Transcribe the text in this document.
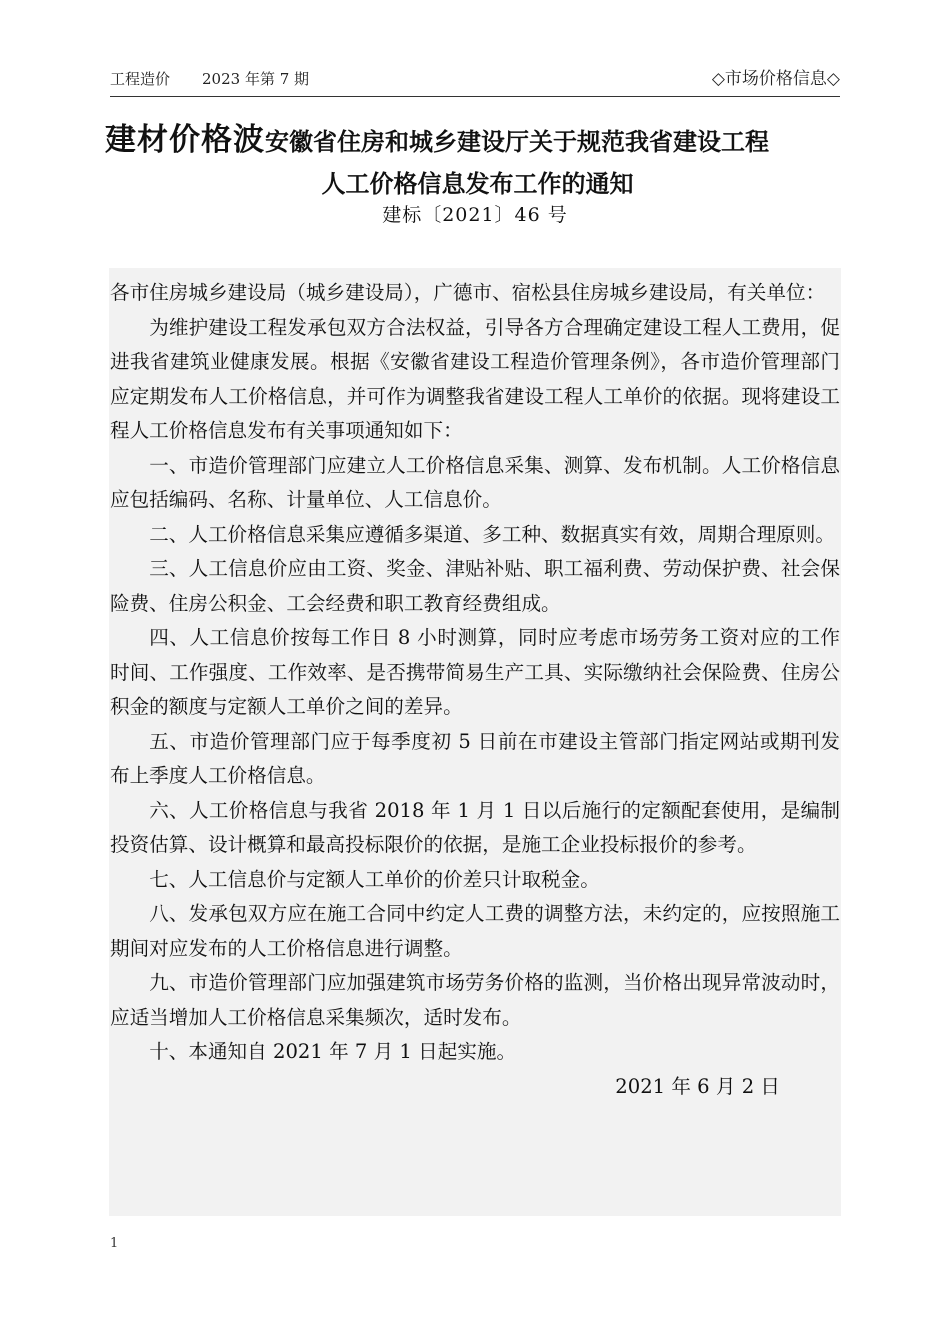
工程造价 2023 年第 7 期	◇市场价格信息◇
建材价格波安徽省住房和城乡建设厅关于规范我省建设工程
人工价格信息发布工作的通知
建标〔2021〕46 号

各市住房城乡建设局（城乡建设局），广德市、宿松县住房城乡建设局，有关单位：

为维护建设工程发承包双方合法权益，引导各方合理确定建设工程人工费用，促进我省建筑业健康发展。根据《安徽省建设工程造价管理条例》，各市造价管理部门应定期发布人工价格信息，并可作为调整我省建设工程人工单价的依据。现将建设工程人工价格信息发布有关事项通知如下：

一、市造价管理部门应建立人工价格信息采集、测算、发布机制。人工价格信息应包括编码、名称、计量单位、人工信息价。

二、人工价格信息采集应遵循多渠道、多工种、数据真实有效，周期合理原则。

三、人工信息价应由工资、奖金、津贴补贴、职工福利费、劳动保护费、社会保险费、住房公积金、工会经费和职工教育经费组成。

四、人工信息价按每工作日 8 小时测算，同时应考虑市场劳务工资对应的工作时间、工作强度、工作效率、是否携带简易生产工具、实际缴纳社会保险费、住房公积金的额度与定额人工单价之间的差异。

五、市造价管理部门应于每季度初 5 日前在市建设主管部门指定网站或期刊发布上季度人工价格信息。

六、人工价格信息与我省 2018 年 1 月 1 日以后施行的定额配套使用，是编制投资估算、设计概算和最高投标限价的依据，是施工企业投标报价的参考。

七、人工信息价与定额人工单价的价差只计取税金。

八、发承包双方应在施工合同中约定人工费的调整方法，未约定的，应按照施工期间对应发布的人工价格信息进行调整。

九、市造价管理部门应加强建筑市场劳务价格的监测，当价格出现异常波动时，应适当增加人工价格信息采集频次，适时发布。

十、本通知自 2021 年 7 月 1 日起实施。

2021 年 6 月 2 日

1
